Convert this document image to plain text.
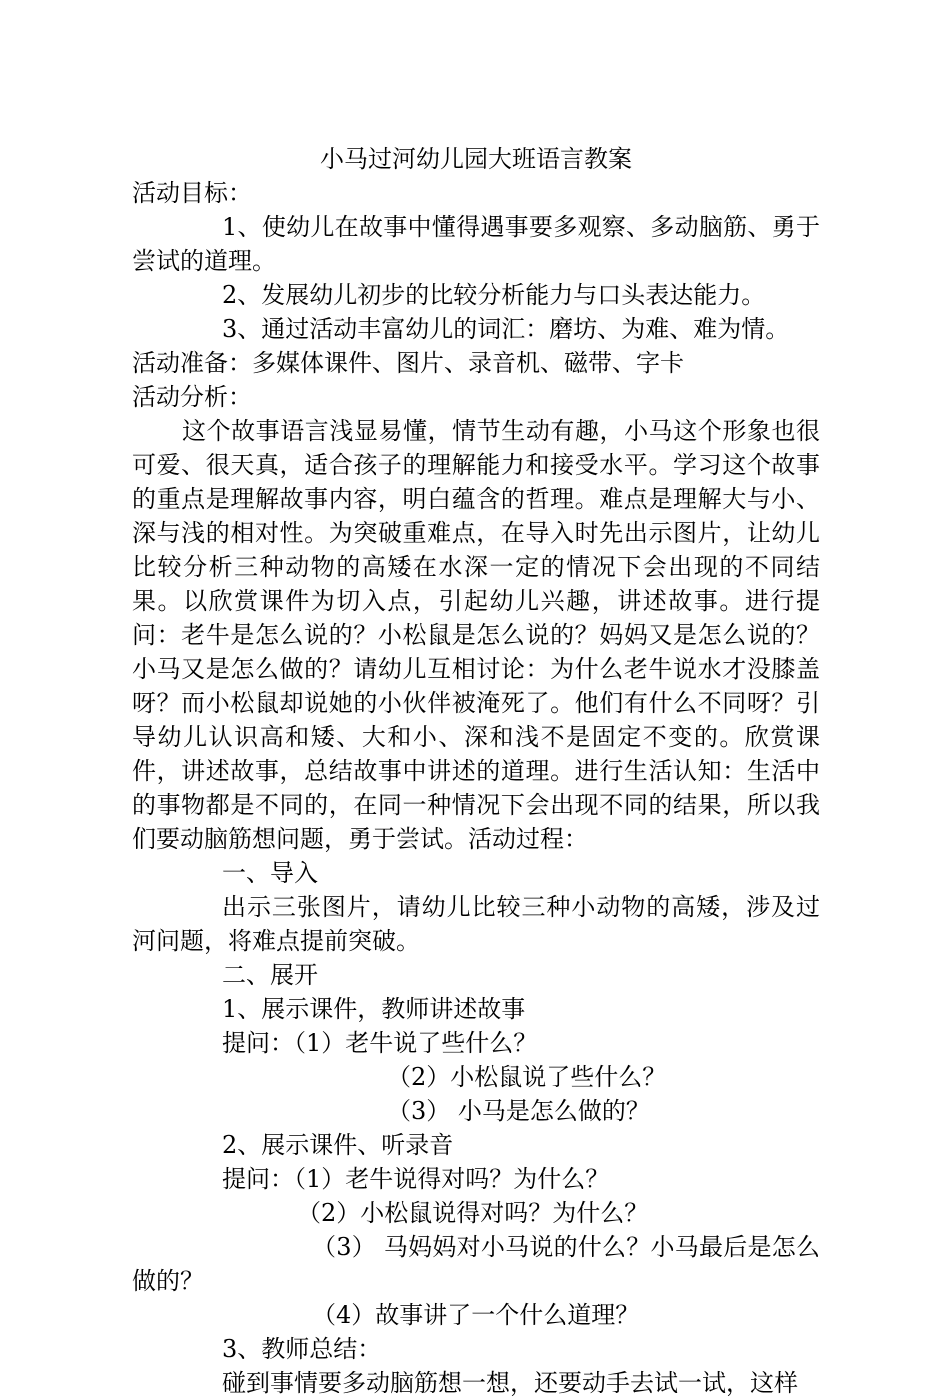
小马过河幼儿园大班语言教案

活动目标：

1、使幼儿在故事中懂得遇事要多观察、多动脑筋、勇于尝试的道理。

2、发展幼儿初步的比较分析能力与口头表达能力。

3、通过活动丰富幼儿的词汇：磨坊、为难、难为情。

活动准备：多媒体课件、图片、录音机、磁带、字卡

活动分析：

这个故事语言浅显易懂，情节生动有趣，小马这个形象也很可爱、很天真，适合孩子的理解能力和接受水平。学习这个故事的重点是理解故事内容，明白蕴含的哲理。难点是理解大与小、深与浅的相对性。为突破重难点，在导入时先出示图片，让幼儿比较分析三种动物的高矮在水深一定的情况下会出现的不同结果。以欣赏课件为切入点，引起幼儿兴趣，讲述故事。进行提问：老牛是怎么说的？小松鼠是怎么说的？妈妈又是怎么说的？小马又是怎么做的？请幼儿互相讨论：为什么老牛说水才没膝盖呀？而小松鼠却说她的小伙伴被淹死了。他们有什么不同呀？引导幼儿认识高和矮、大和小、深和浅不是固定不变的。欣赏课件，讲述故事，总结故事中讲述的道理。进行生活认知：生活中的事物都是不同的，在同一种情况下会出现不同的结果，所以我们要动脑筋想问题，勇于尝试。活动过程：

一、导入

出示三张图片，请幼儿比较三种小动物的高矮，涉及过河问题，将难点提前突破。

二、展开

1、展示课件，教师讲述故事

提问：（1）老牛说了些什么？

（2）小松鼠说了些什么？

（3） 小马是怎么做的？

2、展示课件、听录音

提问：（1）老牛说得对吗？为什么？

（2）小松鼠说得对吗？为什么？

（3） 马妈妈对小马说的什么？小马最后是怎么做的？

（4）故事讲了一个什么道理？

3、教师总结：

碰到事情要多动脑筋想一想，还要动手去试一试，这样
